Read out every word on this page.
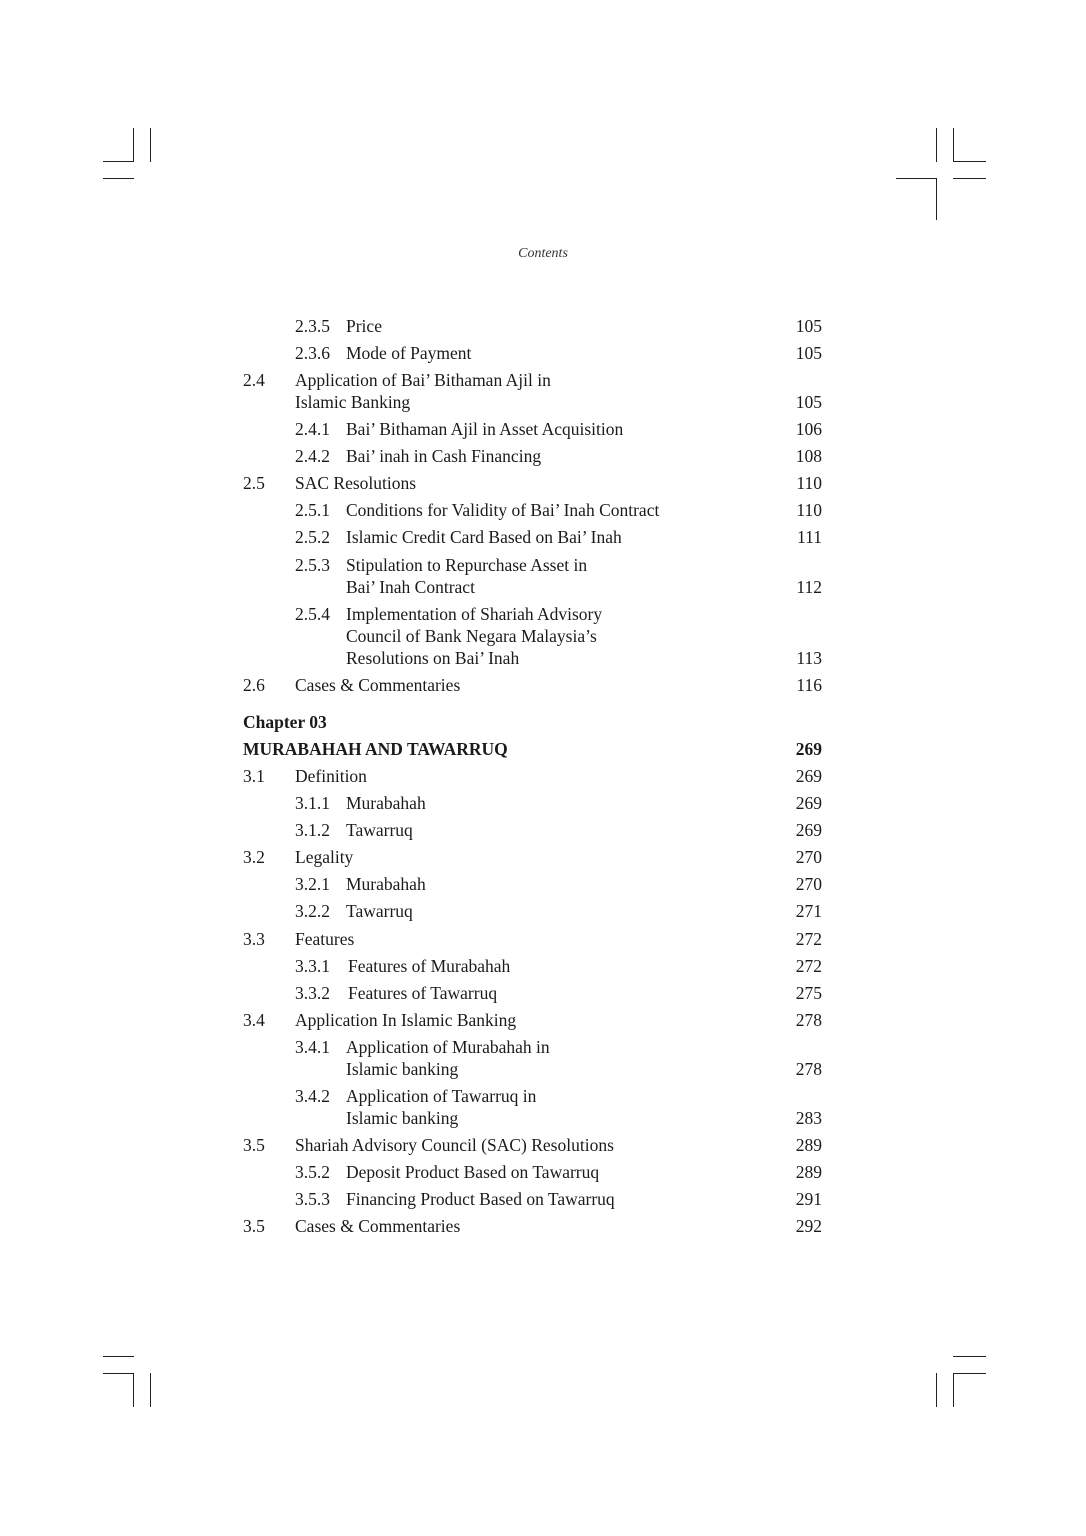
Contents
2.3.5 Price	105
2.3.6 Mode of Payment	105
2.4 Application of Bai’ Bithaman Ajil in
Islamic Banking	105
2.4.1 Bai’ Bithaman Ajil in Asset Acquisition	106
2.4.2 Bai’ inah in Cash Financing	108
2.5 SAC Resolutions	110
2.5.1 Conditions for Validity of Bai’ Inah Contract	110
2.5.2 Islamic Credit Card Based on Bai’ Inah	111
2.5.3 Stipulation to Repurchase Asset in
Bai’ Inah Contract	112
2.5.4 Implementation of Shariah Advisory
Council of Bank Negara Malaysia’s
Resolutions on Bai’ Inah	113
2.6 Cases & Commentaries	116
Chapter 03
MURABAHAH AND TAWARRUQ	269
3.1 Definition	269
3.1.1 Murabahah	269
3.1.2 Tawarruq	269
3.2 Legality	270
3.2.1 Murabahah	270
3.2.2 Tawarruq	271
3.3 Features	272
3.3.1 Features of Murabahah	272
3.3.2 Features of Tawarruq	275
3.4 Application In Islamic Banking	278
3.4.1 Application of Murabahah in
Islamic banking	278
3.4.2 Application of Tawarruq in
Islamic banking	283
3.5 Shariah Advisory Council (SAC) Resolutions	289
3.5.2 Deposit Product Based on Tawarruq	289
3.5.3 Financing Product Based on Tawarruq	291
3.5 Cases & Commentaries	292
